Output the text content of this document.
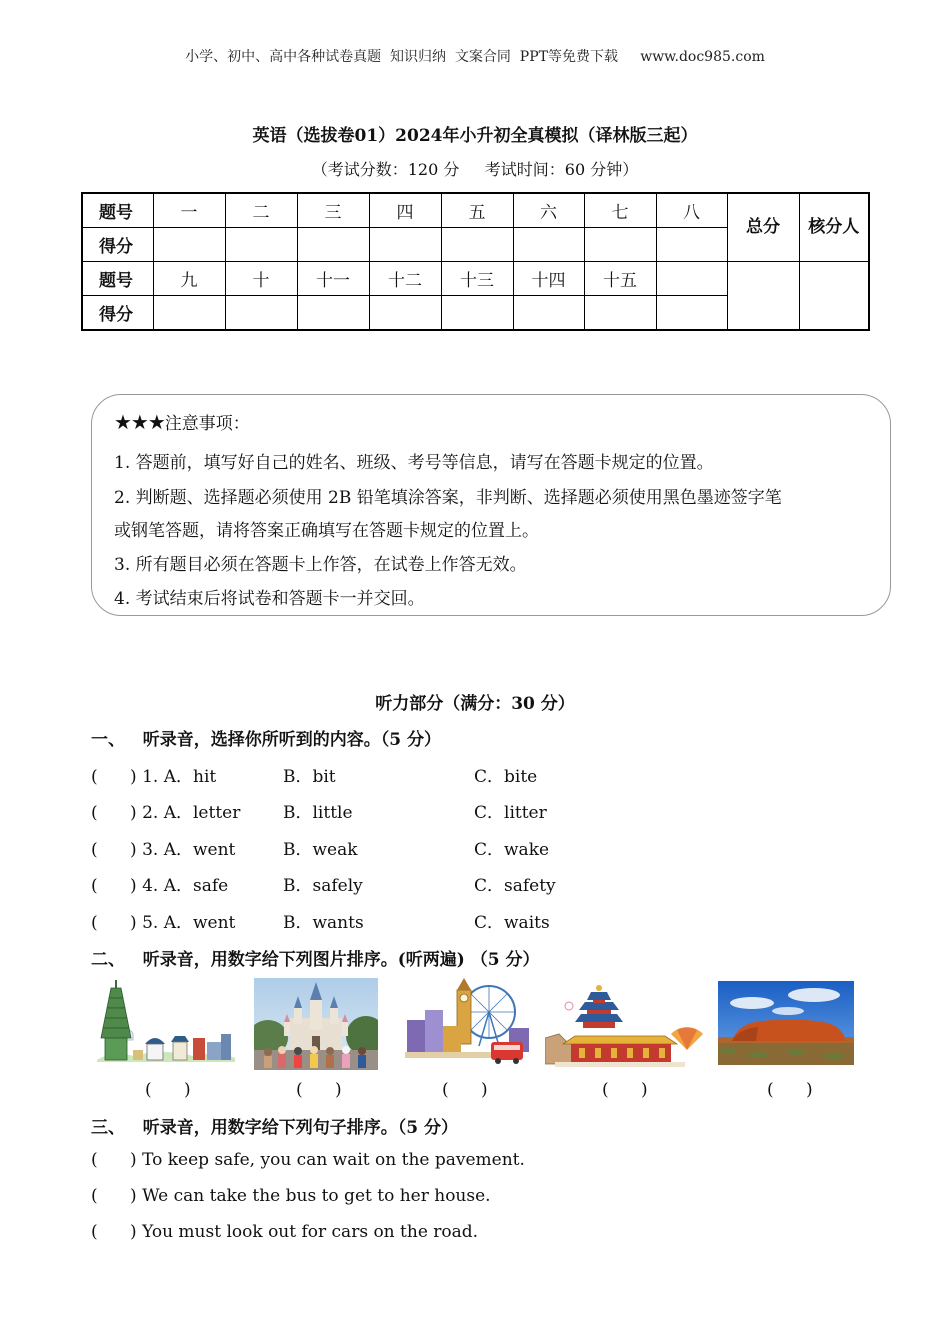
小学、初中、高中各种试卷真题  知识归纳  文案合同  PPT等免费下载     www.doc985.com
英语（选拔卷01）2024年小升初全真模拟（译林版三起）
（考试分数：120 分     考试时间：60 分钟）
题号	一	二	三	四	五	六	七	八	总分	核分人
得分										
题号	九	十	十一	十二	十三	十四	十五			
得分										
★★★注意事项：
1. 答题前，填写好自己的姓名、班级、考号等信息，请写在答题卡规定的位置。
2. 判断题、选择题必须使用 2B 铅笔填涂答案，非判断、选择题必须使用黑色墨迹签字笔
或钢笔答题，请将答案正确填写在答题卡规定的位置上。
3. 所有题目必须在答题卡上作答，在试卷上作答无效。
4. 考试结束后将试卷和答题卡一并交回。
听力部分（满分：30 分）
一、   听录音，选择你所听到的内容。（5 分）
(      ) 1. A．hit	B．bit	C．bite
(      ) 2. A．letter	B．little	C．litter
(      ) 3. A．went	B．weak	C．wake
(      ) 4. A．safe	B．safely	C．safety
(      ) 5. A．went	B．wants	C．waits
二、   听录音，用数字给下列图片排序。(听两遍) （5 分）
(      )	(      )	(      )	(      )	(      )
三、   听录音，用数字给下列句子排序。（5 分）
(      ) To keep safe, you can wait on the pavement.
(      ) We can take the bus to get to her house.
(      ) You must look out for cars on the road.
